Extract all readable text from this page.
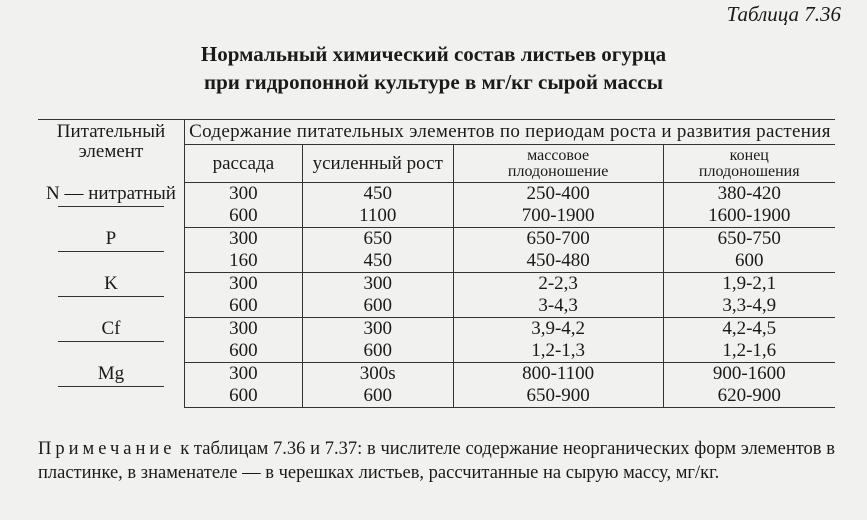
Таблица 7.36
Нормальный химический состав листьев огурца
при гидропонной культуре в мг/кг сырой массы
Питательный элемент	Содержание питательных элементов по периодам роста и развития растения			
	рассада	усиленный рост	массовое плодоношение	конец плодоношения

N — нитратный	300	450	250-400	380-420
	600	1100	700-1900	1600-1900
P	300	650	650-700	650-750
	160	450	450-480	600
K	300	300	2-2,3	1,9-2,1
	600	600	3-4,3	3,3-4,9
Cf	300	300	3,9-4,2	4,2-4,5
	600	600	1,2-1,3	1,2-1,6
Mg	300	300s	800-1100	900-1600
	600	600	650-900	620-900
Примечание к таблицам 7.36 и 7.37: в числителе содержание неорганических форм элементов в пластинке, в знаменателе — в черешках листьев, рассчитанные на сырую массу, мг/кг.
